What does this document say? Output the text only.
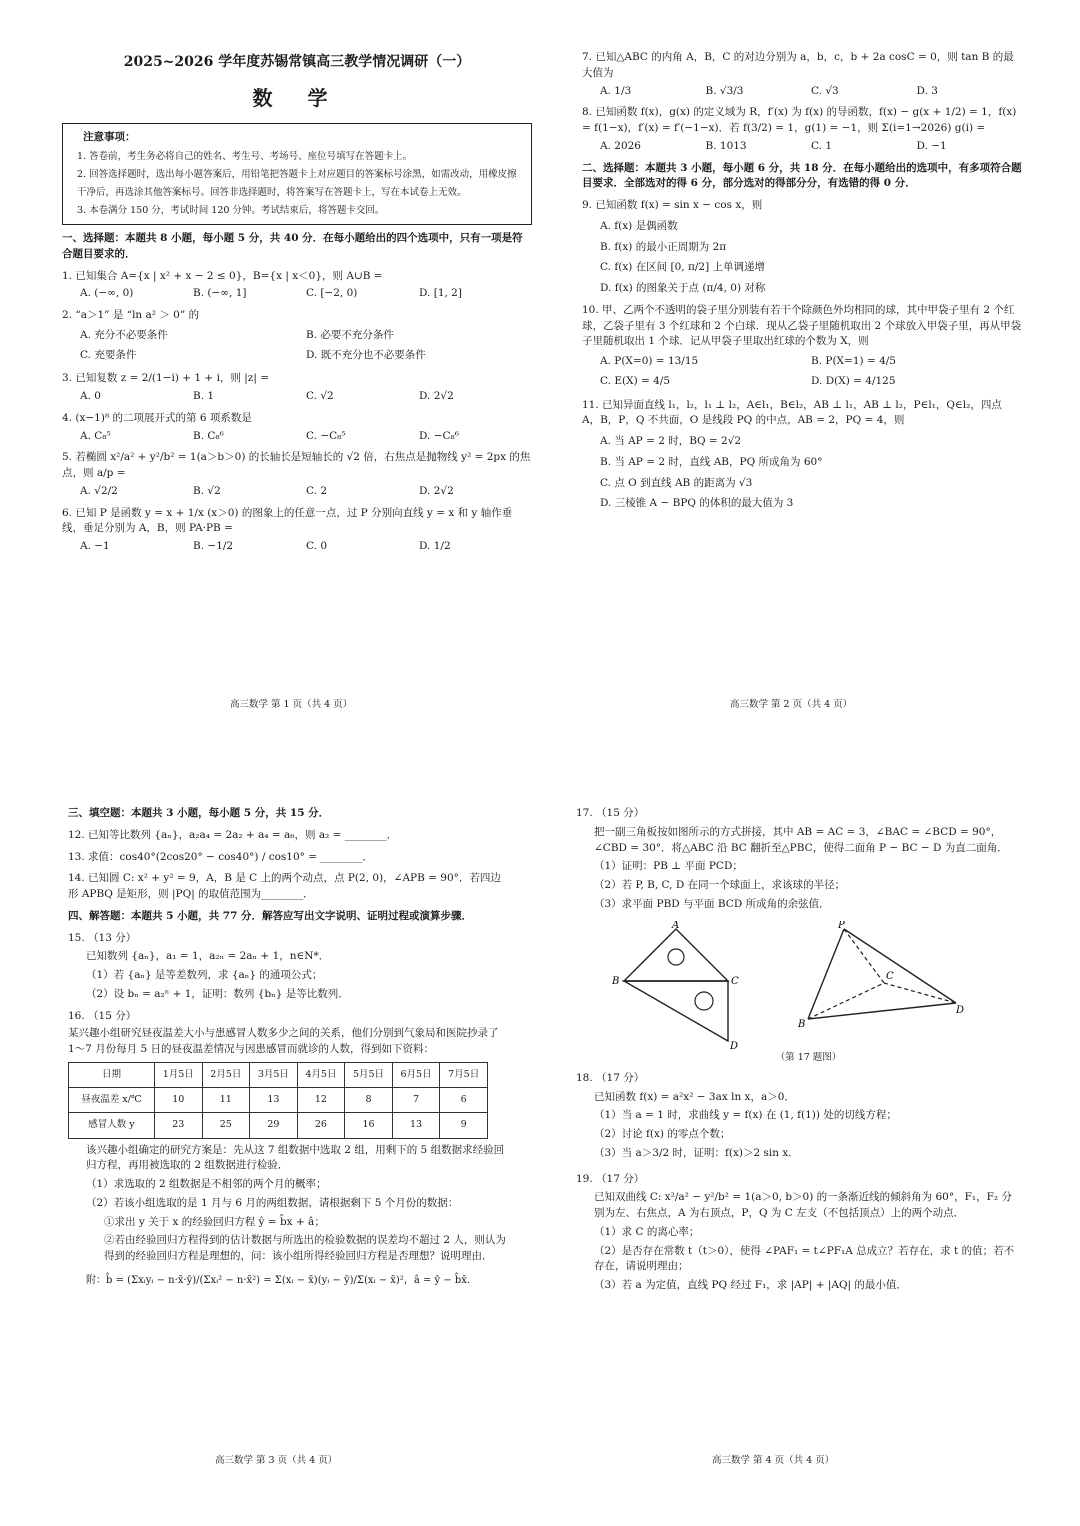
2025~2026 学年度苏锡常镇高三教学情况调研（一）
数 学
注意事项：
1. 答卷前，考生务必将自己的姓名、考生号、考场号、座位号填写在答题卡上。
2. 回答选择题时，选出每小题答案后，用铅笔把答题卡上对应题目的答案标号涂黑，如需改动，用橡皮擦干净后，再选涂其他答案标号。回答非选择题时，将答案写在答题卡上，写在本试卷上无效。
3. 本卷满分 150 分，考试时间 120 分钟。考试结束后，将答题卡交回。
一、选择题：本题共 8 小题，每小题 5 分，共 40 分．在每小题给出的四个选项中，只有一项是符合题目要求的．
1. 已知集合 A={x | x² + x − 2 ≤ 0}，B={x | x＜0}，则 A∪B =
A. (−∞, 0)	B. (−∞, 1]	C. [−2, 0)	D. [1, 2]
2. “a＞1” 是 “ln a² ＞ 0” 的
A. 充分不必要条件	B. 必要不充分条件
C. 充要条件	D. 既不充分也不必要条件
3. 已知复数 z = 2/(1−i) + 1 + i，则 |z| =
A. 0	B. 1	C. √2	D. 2√2
4. (x−1)⁸ 的二项展开式的第 6 项系数是
A. C₈⁵	B. C₈⁶	C. −C₈⁵	D. −C₈⁶
5. 若椭圆 x²/a² + y²/b² = 1(a＞b＞0) 的长轴长是短轴长的 √2 倍，右焦点是抛物线 y² = 2px 的焦点，则 a/p =
A. √2/2	B. √2	C. 2	D. 2√2
6. 已知 P 是函数 y = x + 1/x (x＞0) 的图象上的任意一点，过 P 分别向直线 y = x 和 y 轴作垂线，垂足分别为 A，B，则 PA·PB =
A. −1	B. −1/2	C. 0	D. 1/2
高三数学 第 1 页（共 4 页）
7. 已知△ABC 的内角 A，B，C 的对边分别为 a，b，c，b + 2a cosC = 0，则 tan B 的最大值为
A. 1/3	B. √3/3	C. √3	D. 3
8. 已知函数 f(x)，g(x) 的定义域为 R，f′(x) 为 f(x) 的导函数，f(x) − g(x + 1/2) = 1，f(x) = f(1−x)，f′(x) = f′(−1−x)．若 f(3/2) = 1，g(1) = −1，则 Σ(i=1→2026) g(i) =
A. 2026	B. 1013	C. 1	D. −1
二、选择题：本题共 3 小题，每小题 6 分，共 18 分．在每小题给出的选项中，有多项符合题目要求．全部选对的得 6 分，部分选对的得部分分，有选错的得 0 分．
9. 已知函数 f(x) = sin x − cos x，则
A. f(x) 是偶函数
B. f(x) 的最小正周期为 2π
C. f(x) 在区间 [0, π/2] 上单调递增
D. f(x) 的图象关于点 (π/4, 0) 对称
10. 甲、乙两个不透明的袋子里分别装有若干个除颜色外均相同的球，其中甲袋子里有 2 个红球，乙袋子里有 3 个红球和 2 个白球．现从乙袋子里随机取出 2 个球放入甲袋子里，再从甲袋子里随机取出 1 个球．记从甲袋子里取出红球的个数为 X，则
A. P(X=0) = 13/15	B. P(X=1) = 4/5
C. E(X) = 4/5	D. D(X) = 4/125
11. 已知异面直线 l₁，l₂，l₁ ⊥ l₂，A∈l₁，B∈l₂，AB ⊥ l₁，AB ⊥ l₂，P∈l₁，Q∈l₂，四点 A，B，P，Q 不共面，O 是线段 PQ 的中点，AB = 2，PQ = 4，则
A. 当 AP = 2 时，BQ = 2√2
B. 当 AP = 2 时，直线 AB，PQ 所成角为 60°
C. 点 O 到直线 AB 的距离为 √3
D. 三棱锥 A − BPQ 的体积的最大值为 3
高三数学 第 2 页（共 4 页）
三、填空题：本题共 3 小题，每小题 5 分，共 15 分．
12. 已知等比数列 {aₙ}，a₂a₄ = 2a₂ + a₄ = a₆，则 a₂ = ________．
13. 求值：cos40°(2cos20° − cos40°) / cos10° = ________．
14. 已知圆 C: x² + y² = 9，A，B 是 C 上的两个动点，点 P(2, 0)，∠APB = 90°．若四边形 APBQ 是矩形，则 |PQ| 的取值范围为________．
四、解答题：本题共 5 小题，共 77 分．解答应写出文字说明、证明过程或演算步骤．
15. （13 分）
已知数列 {aₙ}，a₁ = 1，a₂ₙ = 2aₙ + 1，n∈N*．
（1）若 {aₙ} 是等差数列，求 {aₙ} 的通项公式；
（2）设 bₙ = a₂ⁿ + 1，证明：数列 {bₙ} 是等比数列．
16. （15 分）
某兴趣小组研究昼夜温差大小与患感冒人数多少之间的关系，他们分别到气象局和医院抄录了 1～7 月份每月 5 日的昼夜温差情况与因患感冒而就诊的人数，得到如下资料：
日期	1月5日	2月5日	3月5日	4月5日	5月5日	6月5日	7月5日
昼夜温差 x/℃	10	11	13	12	8	7	6
感冒人数 y	23	25	29	26	16	13	9
该兴趣小组确定的研究方案是：先从这 7 组数据中选取 2 组，用剩下的 5 组数据求经验回归方程，再用被选取的 2 组数据进行检验．
（1）求选取的 2 组数据是不相邻的两个月的概率；
（2）若该小组选取的是 1 月与 6 月的两组数据，请根据剩下 5 个月份的数据：
①求出 y 关于 x 的经验回归方程 ŷ = b̂x + â；
②若由经验回归方程得到的估计数据与所选出的检验数据的误差均不超过 2 人，则认为得到的经验回归方程是理想的，问：该小组所得经验回归方程是否理想？说明理由．
附：b̂ = (Σxᵢyᵢ − n·x̄·ȳ)/(Σxᵢ² − n·x̄²) = Σ(xᵢ − x̄)(yᵢ − ȳ)/Σ(xᵢ − x̄)²，â = ȳ − b̂x̄．
高三数学 第 3 页（共 4 页）
17. （15 分）
把一副三角板按如图所示的方式拼接，其中 AB = AC = 3，∠BAC = ∠BCD = 90°，∠CBD = 30°．将△ABC 沿 BC 翻折至△PBC，使得二面角 P − BC − D 为直二面角．
（1）证明：PB ⊥ 平面 PCD；
（2）若 P, B, C, D 在同一个球面上，求该球的半径；
（3）求平面 PBD 与平面 BCD 所成角的余弦值．
A
B	C
D
P
B
C
D
（第 17 题图）
18. （17 分）
已知函数 f(x) = a²x² − 3ax ln x，a＞0．
（1）当 a = 1 时，求曲线 y = f(x) 在 (1, f(1)) 处的切线方程；
（2）讨论 f(x) 的零点个数；
（3）当 a＞3/2 时，证明：f(x)＞2 sin x．
19. （17 分）
已知双曲线 C: x²/a² − y²/b² = 1(a＞0, b＞0) 的一条渐近线的倾斜角为 60°，F₁，F₂ 分别为左、右焦点，A 为右顶点，P，Q 为 C 左支（不包括顶点）上的两个动点．
（1）求 C 的离心率；
（2）是否存在常数 t（t＞0），使得 ∠PAF₁ = t∠PF₁A 总成立？若存在，求 t 的值；若不存在，请说明理由；
（3）若 a 为定值，直线 PQ 经过 F₁，求 |AP| + |AQ| 的最小值．
高三数学 第 4 页（共 4 页）
